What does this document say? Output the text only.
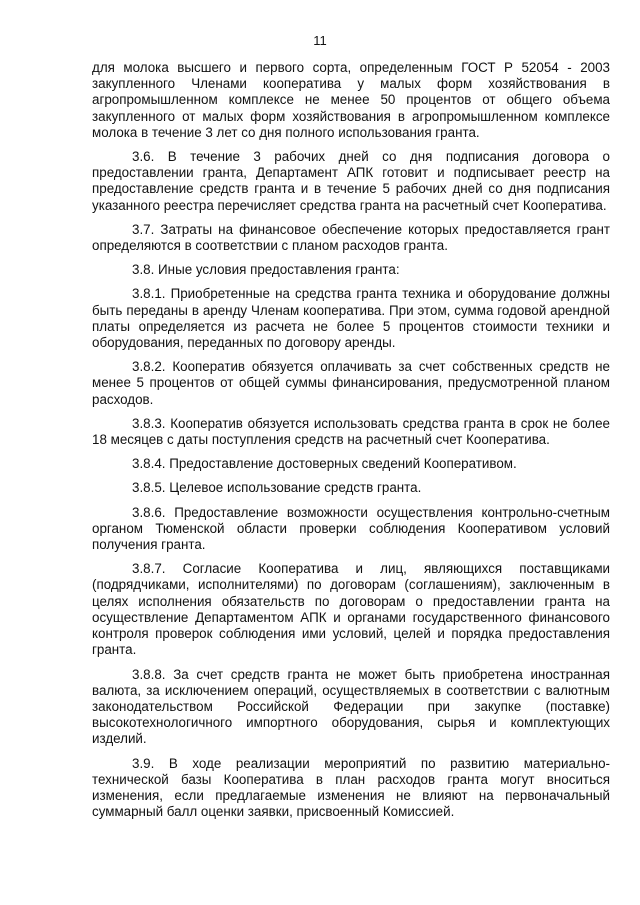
11

для молока высшего и первого сорта, определенным ГОСТ Р 52054 - 2003 закупленного Членами кооператива у малых форм хозяйствования в агропромышленном комплексе не менее 50 процентов от общего объема закупленного от малых форм хозяйствования в агропромышленном комплексе молока в течение 3 лет со дня полного использования гранта.

3.6. В течение 3 рабочих дней со дня подписания договора о предоставлении гранта, Департамент АПК готовит и подписывает реестр на предоставление средств гранта и в течение 5 рабочих дней со дня подписания указанного реестра перечисляет средства гранта на расчетный счет Кооператива.

3.7. Затраты на финансовое обеспечение которых предоставляется грант определяются в соответствии с планом расходов гранта.

3.8. Иные условия предоставления гранта:

3.8.1. Приобретенные на средства гранта техника и оборудование должны быть переданы в аренду Членам кооператива. При этом, сумма годовой арендной платы определяется из расчета не более 5 процентов стоимости техники и оборудования, переданных по договору аренды.

3.8.2. Кооператив обязуется оплачивать за счет собственных средств не менее 5 процентов от общей суммы финансирования, предусмотренной планом расходов.

3.8.3. Кооператив обязуется использовать средства гранта в срок не более 18 месяцев с даты поступления средств на расчетный счет Кооператива.

3.8.4. Предоставление достоверных сведений Кооперативом.

3.8.5. Целевое использование средств гранта.

3.8.6. Предоставление возможности осуществления контрольно-счетным органом Тюменской области проверки соблюдения Кооперативом условий получения гранта.

3.8.7. Согласие Кооператива и лиц, являющихся поставщиками (подрядчиками, исполнителями) по договорам (соглашениям), заключенным в целях исполнения обязательств по договорам о предоставлении гранта на осуществление Департаментом АПК и органами государственного финансового контроля проверок соблюдения ими условий, целей и порядка предоставления гранта.

3.8.8. За счет средств гранта не может быть приобретена иностранная валюта, за исключением операций, осуществляемых в соответствии с валютным законодательством Российской Федерации при закупке (поставке) высокотехнологичного импортного оборудования, сырья и комплектующих изделий.

3.9. В ходе реализации мероприятий по развитию материально-технической базы Кооператива в план расходов гранта могут вноситься изменения, если предлагаемые изменения не влияют на первоначальный суммарный балл оценки заявки, присвоенный Комиссией.
